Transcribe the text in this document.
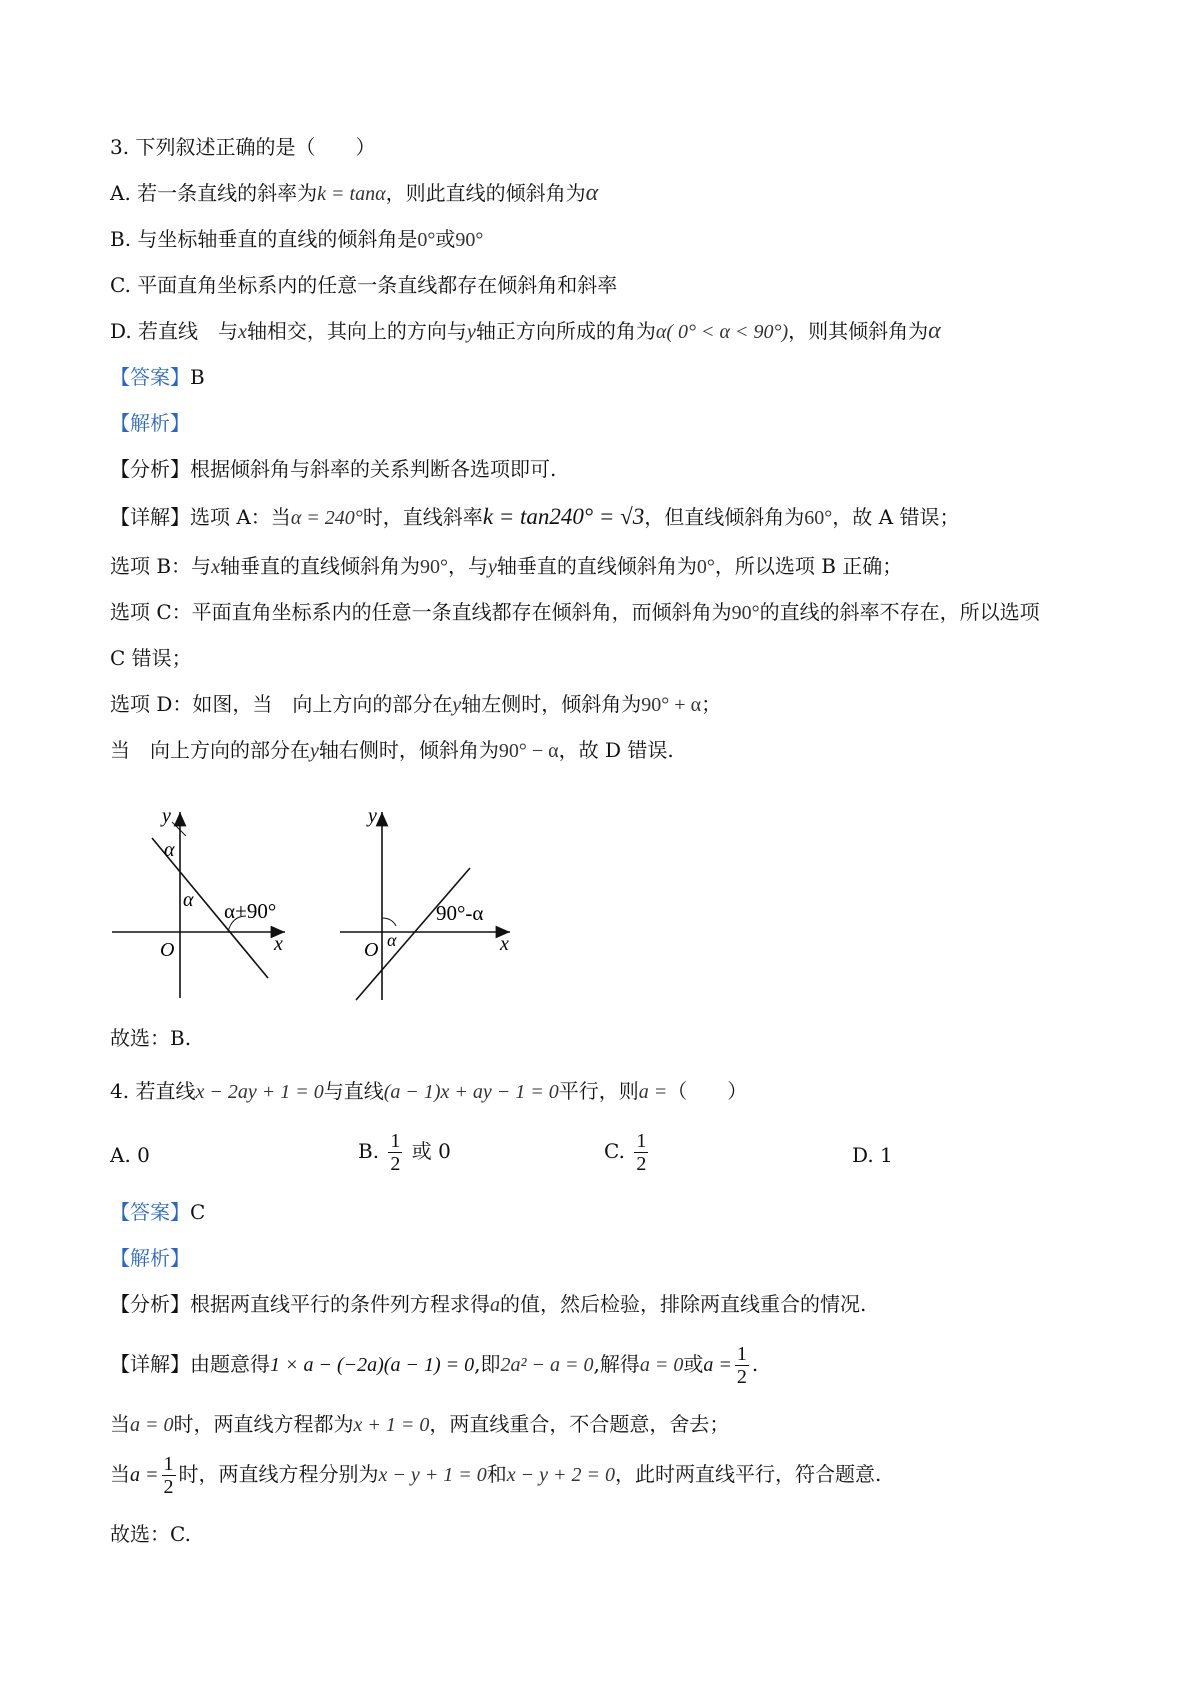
3. 下列叙述正确的是（　　）
A. 若一条直线的斜率为k = tanα，则此直线的倾斜角为α
B. 与坐标轴垂直的直线的倾斜角是0°或90°
C. 平面直角坐标系内的任意一条直线都存在倾斜角和斜率
D. 若直线　与x轴相交，其向上的方向与y轴正方向所成的角为α( 0° < α < 90°)，则其倾斜角为α
【答案】B
【解析】
【分析】根据倾斜角与斜率的关系判断各选项即可.
【详解】选项 A：当α = 240°时，直线斜率k = tan240° = √3，但直线倾斜角为60°，故 A 错误；
选项 B：与x轴垂直的直线倾斜角为90°，与y轴垂直的直线倾斜角为0°，所以选项 B 正确；
选项 C：平面直角坐标系内的任意一条直线都存在倾斜角，而倾斜角为90°的直线的斜率不存在，所以选项
C 错误；
选项 D：如图，当　向上方向的部分在y轴左侧时，倾斜角为90° + α；
当　向上方向的部分在y轴右侧时，倾斜角为90° − α，故 D 错误.
y
α
α α+90°
O	x
y
90°-α
O α	x
故选：B.
4. 若直线x − 2ay + 1 = 0与直线(a − 1)x + ay − 1 = 0平行，则a =（　　）
A. 0	B. $\frac{1}{2}$ 或 0	C. $\frac{1}{2}$	D. 1
【答案】C
【解析】
【分析】根据两直线平行的条件列方程求得a的值，然后检验，排除两直线重合的情况.
【详解】由题意得1 × a − (−2a)(a − 1) = 0,即2a² − a = 0,解得a = 0或$a = \frac{1}{2}$ .
当a = 0时，两直线方程都为x + 1 = 0，两直线重合，不合题意，舍去；
当$a = \frac{1}{2}$ 时，两直线方程分别为x − y + 1 = 0和x − y + 2 = 0，此时两直线平行，符合题意.
故选：C.
